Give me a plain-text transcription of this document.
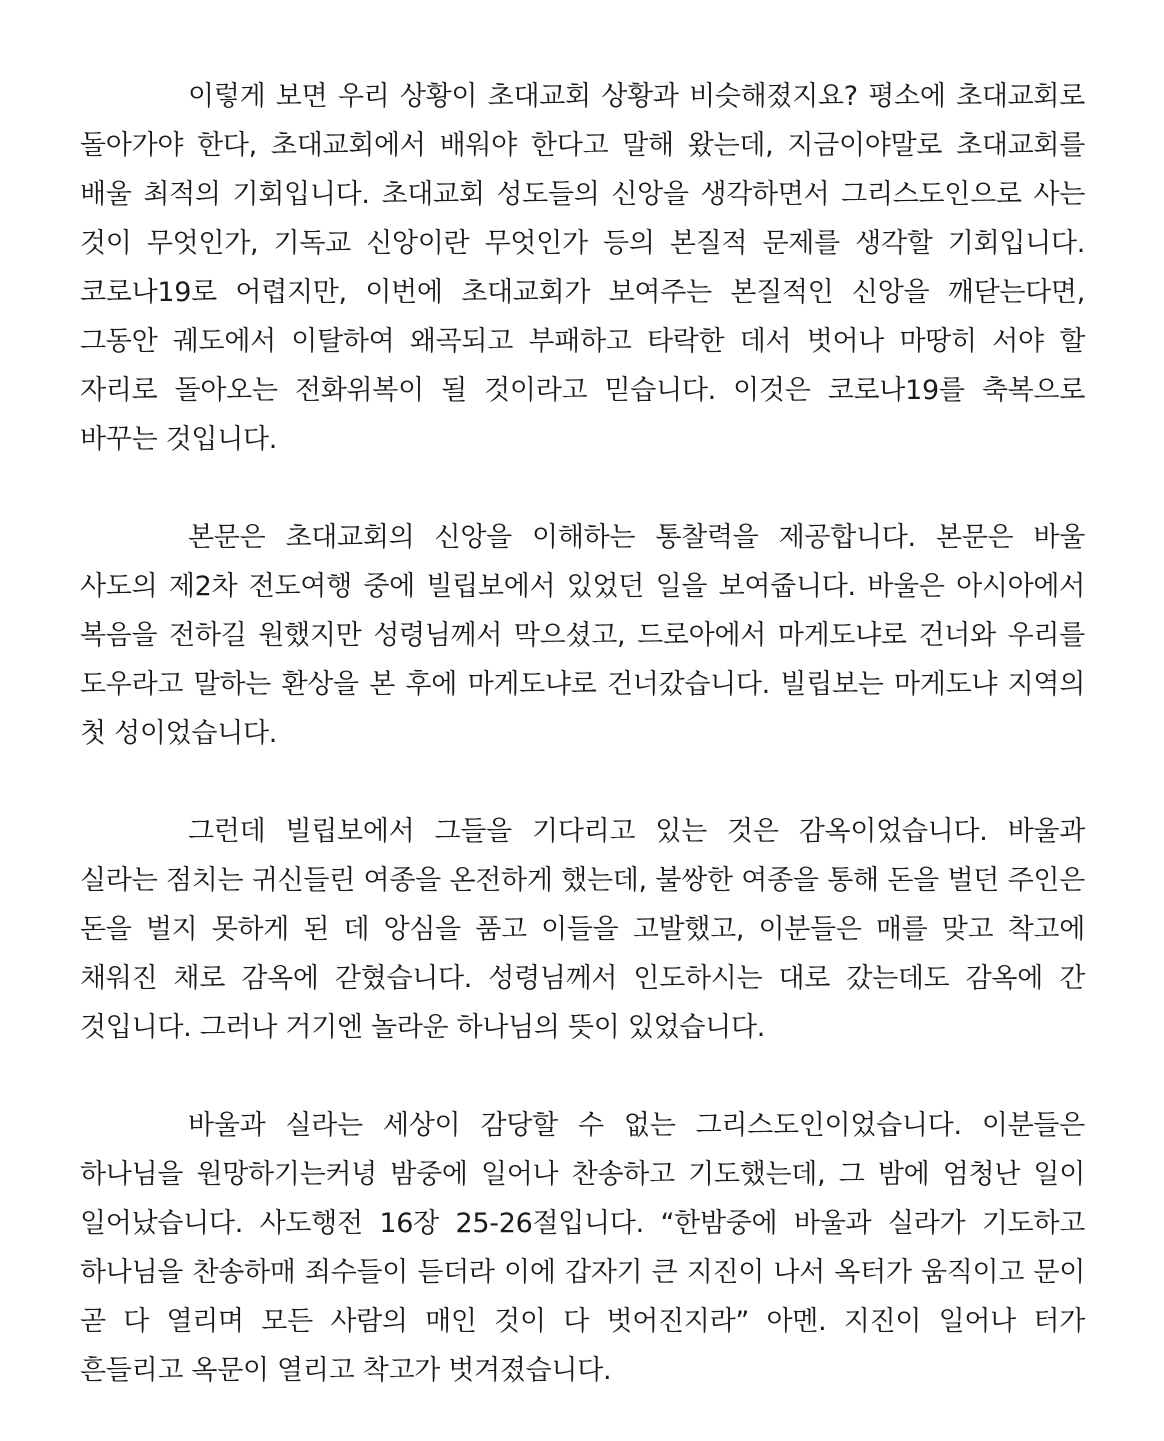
이렇게 보면 우리 상황이 초대교회 상황과 비슷해졌지요? 평소에 초대교회로 돌아가야 한다, 초대교회에서 배워야 한다고 말해 왔는데, 지금이야말로 초대교회를 배울 최적의 기회입니다. 초대교회 성도들의 신앙을 생각하면서 그리스도인으로 사는 것이 무엇인가, 기독교 신앙이란 무엇인가 등의 본질적 문제를 생각할 기회입니다. 코로나19로 어렵지만, 이번에 초대교회가 보여주는 본질적인 신앙을 깨닫는다면, 그동안 궤도에서 이탈하여 왜곡되고 부패하고 타락한 데서 벗어나 마땅히 서야 할 자리로 돌아오는 전화위복이 될 것이라고 믿습니다. 이것은 코로나19를 축복으로 바꾸는 것입니다.

본문은 초대교회의 신앙을 이해하는 통찰력을 제공합니다. 본문은 바울 사도의 제2차 전도여행 중에 빌립보에서 있었던 일을 보여줍니다. 바울은 아시아에서 복음을 전하길 원했지만 성령님께서 막으셨고, 드로아에서 마게도냐로 건너와 우리를 도우라고 말하는 환상을 본 후에 마게도냐로 건너갔습니다. 빌립보는 마게도냐 지역의 첫 성이었습니다.

그런데 빌립보에서 그들을 기다리고 있는 것은 감옥이었습니다. 바울과 실라는 점치는 귀신들린 여종을 온전하게 했는데, 불쌍한 여종을 통해 돈을 벌던 주인은 돈을 벌지 못하게 된 데 앙심을 품고 이들을 고발했고, 이분들은 매를 맞고 착고에 채워진 채로 감옥에 갇혔습니다. 성령님께서 인도하시는 대로 갔는데도 감옥에 간 것입니다. 그러나 거기엔 놀라운 하나님의 뜻이 있었습니다.

바울과 실라는 세상이 감당할 수 없는 그리스도인이었습니다. 이분들은 하나님을 원망하기는커녕 밤중에 일어나 찬송하고 기도했는데, 그 밤에 엄청난 일이 일어났습니다. 사도행전 16장 25-26절입니다. “한밤중에 바울과 실라가 기도하고 하나님을 찬송하매 죄수들이 듣더라 이에 갑자기 큰 지진이 나서 옥터가 움직이고 문이 곧 다 열리며 모든 사람의 매인 것이 다 벗어진지라” 아멘. 지진이 일어나 터가 흔들리고 옥문이 열리고 착고가 벗겨졌습니다.
